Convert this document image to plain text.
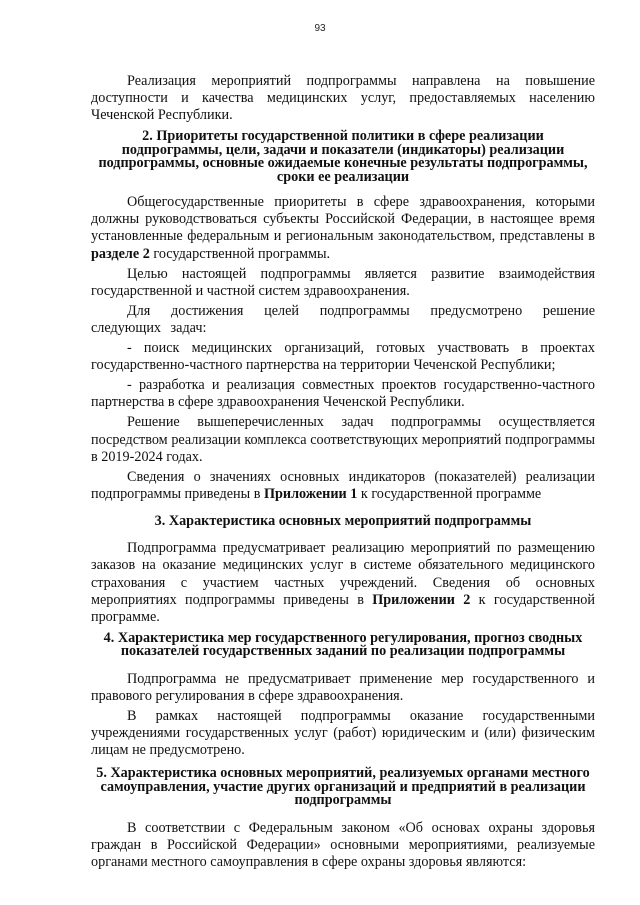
93

Реализация мероприятий подпрограммы направлена на повышение доступности и качества медицинских услуг, предоставляемых населению Чеченской Республики.

2. Приоритеты государственной политики в сфере реализации подпрограммы, цели, задачи и показатели (индикаторы) реализации подпрограммы, основные ожидаемые конечные результаты подпрограммы, сроки ее реализации

Общегосударственные приоритеты в сфере здравоохранения, которыми должны руководствоваться субъекты Российской Федерации, в настоящее время установленные федеральным и региональным законодательством, представлены в разделе 2 государственной программы.

Целью настоящей подпрограммы является развитие взаимодействия государственной и частной систем здравоохранения.

Для достижения целей подпрограммы предусмотрено решение следующих задач:

- поиск медицинских организаций, готовых участвовать в проектах государственно-частного партнерства на территории Чеченской Республики;

- разработка и реализация совместных проектов государственно-частного партнерства в сфере здравоохранения Чеченской Республики.

Решение вышеперечисленных задач подпрограммы осуществляется посредством реализации комплекса соответствующих мероприятий подпрограммы в 2019-2024 годах.

Сведения о значениях основных индикаторов (показателей) реализации подпрограммы приведены в Приложении 1 к государственной программе

3. Характеристика основных мероприятий подпрограммы

Подпрограмма предусматривает реализацию мероприятий по размещению заказов на оказание медицинских услуг в системе обязательного медицинского страхования с участием частных учреждений. Сведения об основных мероприятиях подпрограммы приведены в Приложении 2 к государственной программе.

4. Характеристика мер государственного регулирования, прогноз сводных показателей государственных заданий по реализации подпрограммы

Подпрограмма не предусматривает применение мер государственного и правового регулирования в сфере здравоохранения.

В рамках настоящей подпрограммы оказание государственными учреждениями государственных услуг (работ) юридическим и (или) физическим лицам не предусмотрено.

5. Характеристика основных мероприятий, реализуемых органами местного самоуправления, участие других организаций и предприятий в реализации подпрограммы

В соответствии с Федеральным законом «Об основах охраны здоровья граждан в Российской Федерации» основными мероприятиями, реализуемые органами местного самоуправления в сфере охраны здоровья являются:
